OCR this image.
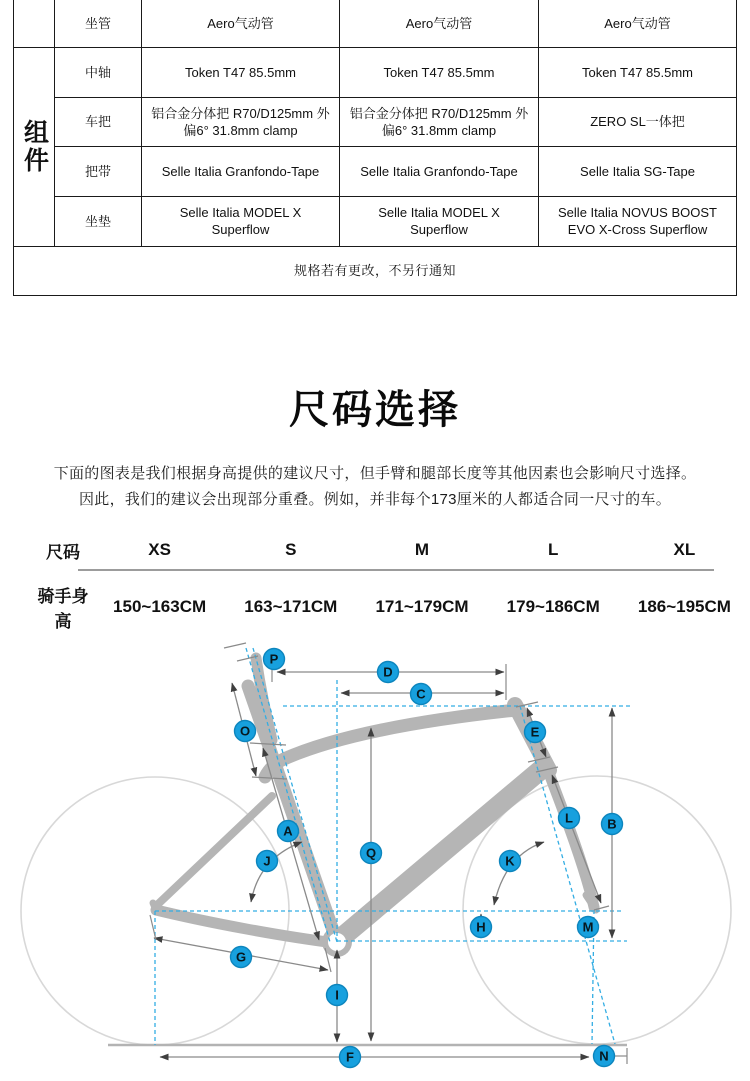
	坐管	Aero气动管	Aero气动管	Aero气动管

组件	中轴	Token T47 85.5mm	Token T47 85.5mm	Token T47 85.5mm
	车把	铝合金分体把 R70/D125mm 外偏6° 31.8mm clamp	铝合金分体把 R70/D125mm 外偏6° 31.8mm clamp	ZERO SL一体把
	把带	Selle Italia Granfondo-Tape	Selle Italia Granfondo-Tape	Selle Italia SG-Tape
	坐垫	Selle Italia MODEL X Superflow	Selle Italia MODEL X Superflow	Selle Italia NOVUS BOOST EVO X-Cross Superflow
规格若有更改，不另行通知				
尺码选择
下面的图表是我们根据身高提供的建议尺寸，但手臂和腿部长度等其他因素也会影响尺寸选择。
因此，我们的建议会出现部分重叠。例如，并非每个173厘米的人都适合同一尺寸的车。
尺码	XS	S	M	L	XL
骑手身高
150~163CM	163~171CM	171~179CM	179~186CM	186~195CM
P
D
C
O	E
A
J
Q
K
L	B
H	M
G
I
F	N
